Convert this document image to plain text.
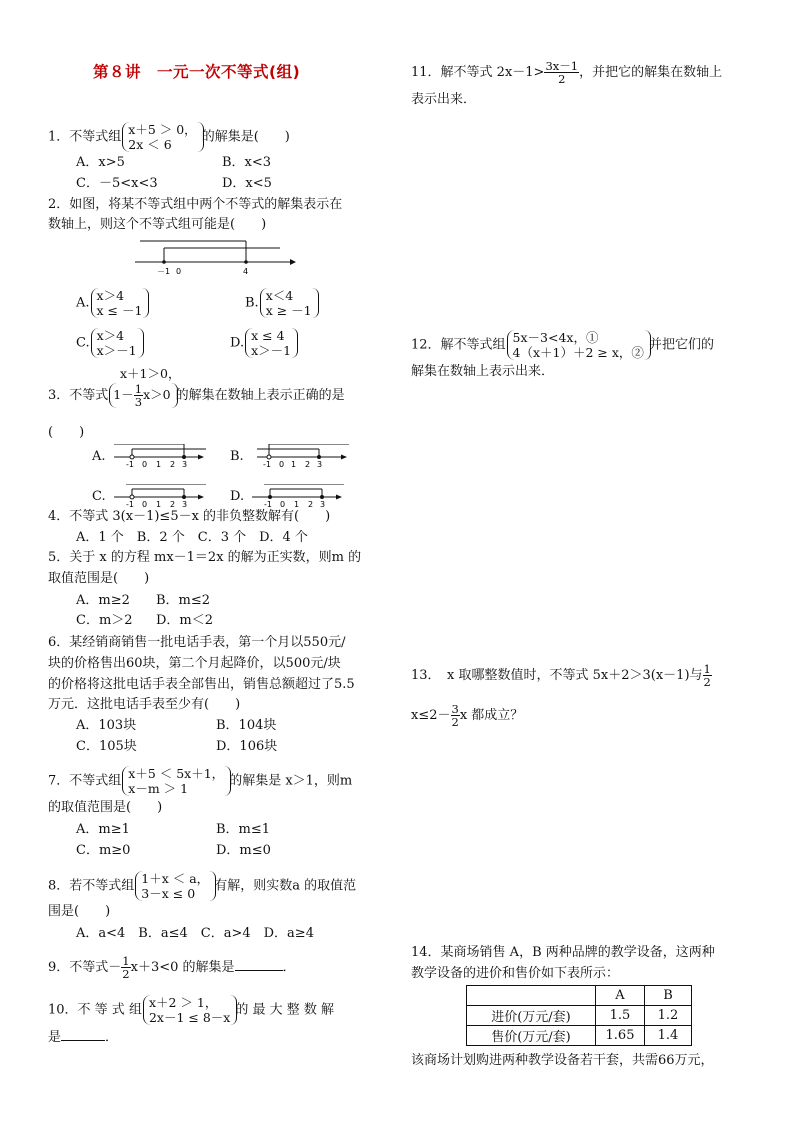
第８讲　一元一次不等式(组)
1．不等式组 x＋5 ＞ 0，
2x ＜ 6	的解集是(　　)
A．x>5	B．x<3
C．－5<x<3	D．x<5
2．如图，将某不等式组中两个不等式的解集表示在
数轴上，则这个不等式组可能是(　　)
－1 0	4
A. x＞4
x ≤ －1	B. x＜4
x ≥ －1
C. x＞4
x＞－1	D. x ≤ 4
x＞－1
x＋1＞0，
3．不等式 $1- \frac{1}{3} x>0$ 的解集在数轴上表示正确的是
(　　)
A.
-1 0 1 2 3
B.
-1 0 1 2 3
C.
-1 0 1 2 3
D.
-1 0 1 2 3
4．不等式 3(x－1)≤5－x 的非负整数解有(　　)
A．1 个　B．2 个　C．3 个　D．4 个
5．关于 x 的方程 mx－1＝2x 的解为正实数，则m 的
取值范围是(　　)
A．m≥2 B．m≤2
C．m＞2 D．m＜2
6．某经销商销售一批电话手表，第一个月以550元/
块的价格售出60块，第二个月起降价，以500元/块
的价格将这批电话手表全部售出，销售总额超过了5.5
万元．这批电话手表至少有(　　)
A．103块	B．104块
C．105块	D．106块
7．不等式组 x＋5 ＜ 5x＋1，
x－m ＞ 1	的解集是 x＞1，则m
的取值范围是(　　)
A．m≥1	B．m≤1
C．m≥0	D．m≤0
8．若不等式组 1＋x ＜ a，
3－x ≤ 0	有解，则实数a 的取值范
围是(　　)
A．a<4　B．a≤4　C．a>4　D．a≥4
9．不等式－ $\frac{1}{2} x+3<0$ 的解集是	．
10．不 等 式 组 x＋2 ＞ 1，
2x－1 ≤ 8－x 的 最 大 整 数 解
是	．
11．解不等式 $2x-1> \frac{3x-1}{2}$ ，并把它的解集在数轴上
表示出来．
12．解不等式组 5x－3<4x，①
4（x＋1）＋2 ≥ x，② 并把它们的
解集在数轴上表示出来．
13．　x 取哪整数值时，不等式 5x＋2＞3(x－1)与 $\frac{1}{2}$
$x\le 2- \frac{3}{2}$ x 都成立？
14．某商场销售 A，B 两种品牌的教学设备，这两种
教学设备的进价和售价如下表所示：
	A	B
进价(万元/套)	1.5	1.2
售价(万元/套)	1.65	1.4
该商场计划购进两种教学设备若干套，共需66万元，
